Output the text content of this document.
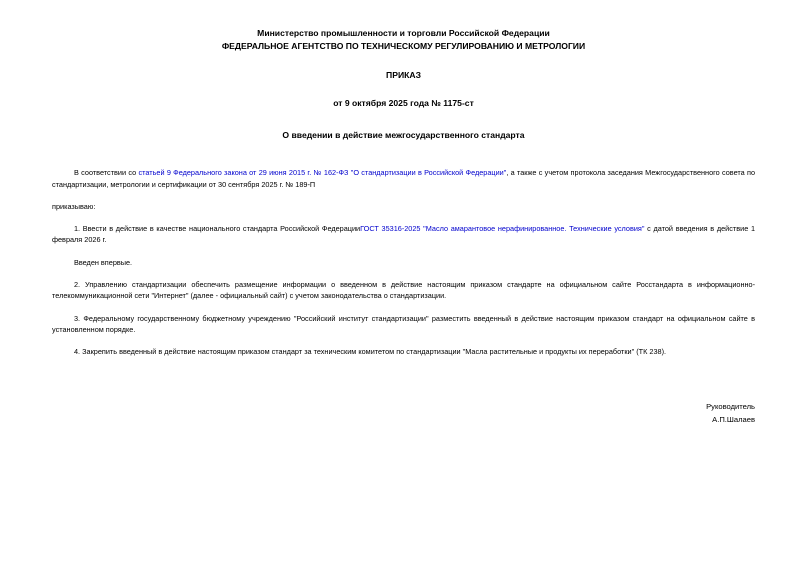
Министерство промышленности и торговли Российской Федерации
ФЕДЕРАЛЬНОЕ АГЕНТСТВО ПО ТЕХНИЧЕСКОМУ РЕГУЛИРОВАНИЮ И МЕТРОЛОГИИ
ПРИКАЗ
от 9 октября 2025 года № 1175-ст
О введении в действие межгосударственного стандарта
В соответствии со статьей 9 Федерального закона от 29 июня 2015 г. № 162-ФЗ "О стандартизации в Российской Федерации", а также с учетом протокола заседания Межгосударственного совета по стандартизации, метрологии и сертификации от 30 сентября 2025 г. № 189-П
приказываю:
1. Ввести в действие в качестве национального стандарта Российской ФедерацииГОСТ 35316-2025 "Масло амарантовое нерафинированное. Технические условия" с датой введения в действие 1 февраля 2026 г.
Введен впервые.
2. Управлению стандартизации обеспечить размещение информации о введенном в действие настоящим приказом стандарте на официальном сайте Росстандарта в информационно-телекоммуникационной сети "Интернет" (далее - официальный сайт) с учетом законодательства о стандартизации.
3. Федеральному государственному бюджетному учреждению "Российский институт стандартизации" разместить введенный в действие настоящим приказом стандарт на официальном сайте в установленном порядке.
4. Закрепить введенный в действие настоящим приказом стандарт за техническим комитетом по стандартизации "Масла растительные и продукты их переработки" (ТК 238).
Руководитель
А.П.Шалаев
